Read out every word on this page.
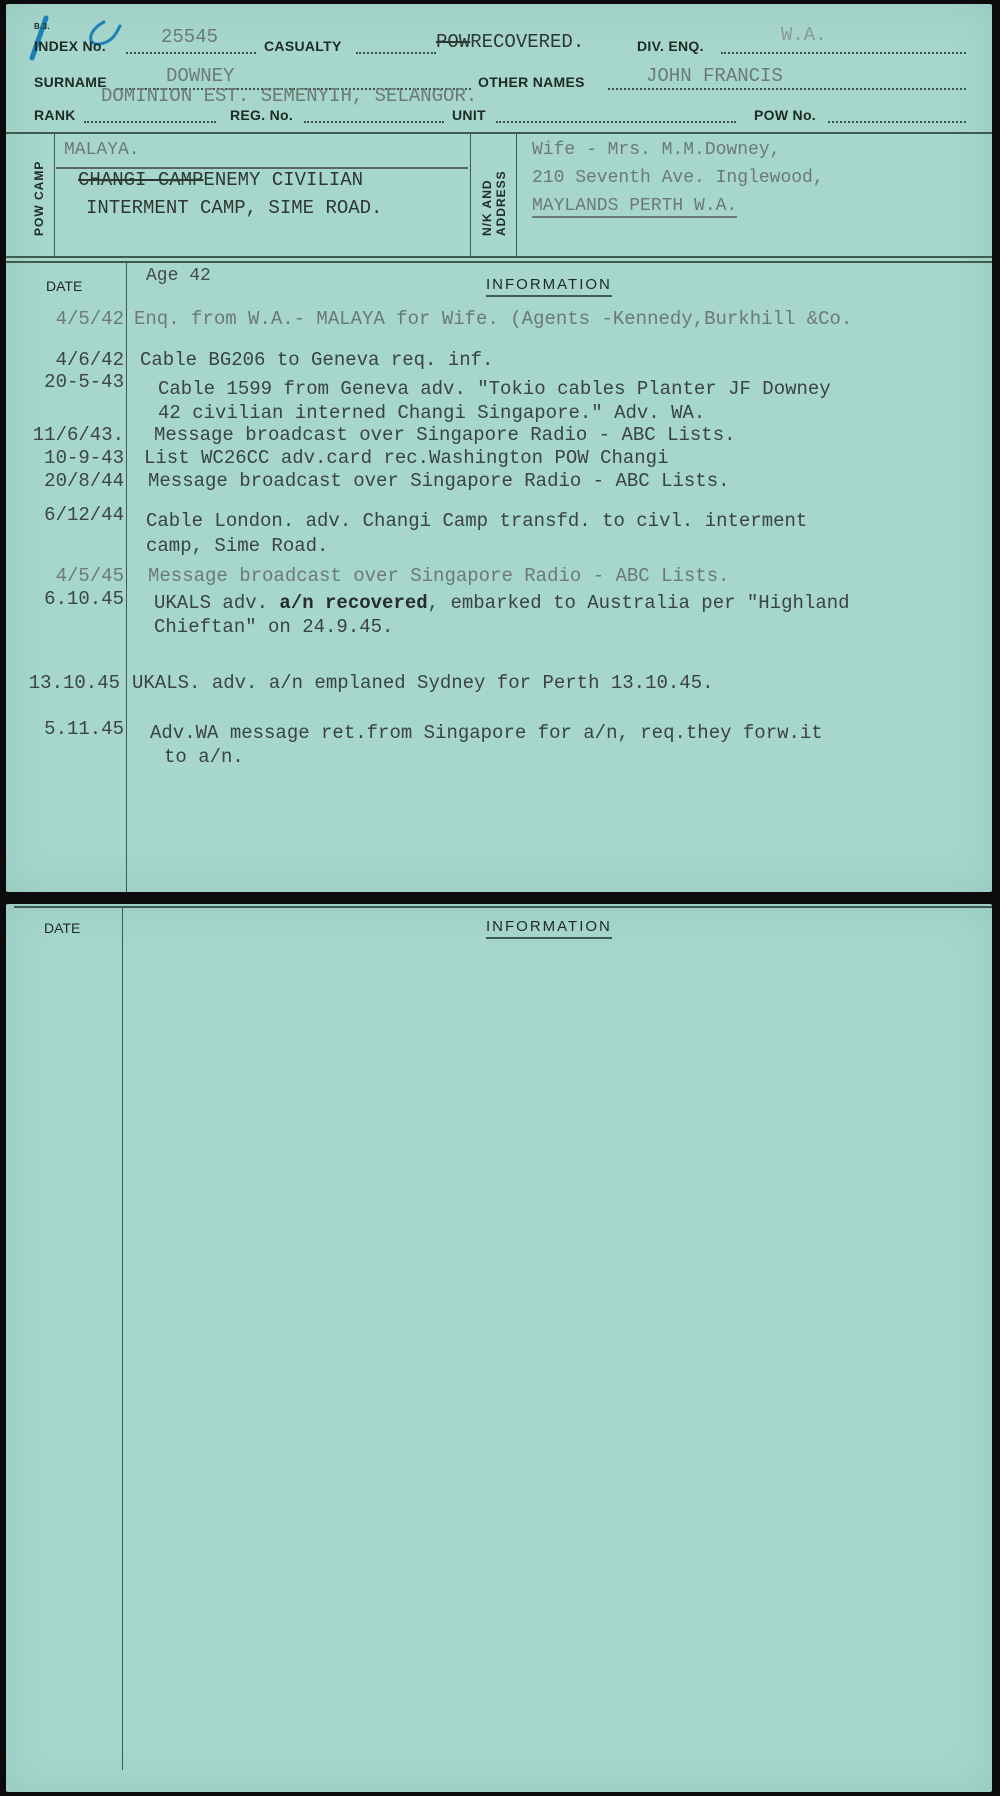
B.3.
INDEX No.	25545	CASUALTY	POWRECOVERED.	DIV. ENQ.	W.A.
SURNAME	DOWNEY	OTHER NAMES	JOHN FRANCIS
DOMINION EST. SEMENYIH, SELANGOR.
RANK	REG. No.	UNIT	POW No.
POW CAMP
MALAYA.
CHANGI CAMPENEMY CIVILIAN
INTERMENT CAMP, SIME ROAD.	N/K AND ADDRESS
Wife - Mrs. M.M.Downey,
210 Seventh Ave. Inglewood,
MAYLANDS PERTH W.A.
DATE	Age 42	INFORMATION
4/5/42 Enq. from W.A.- MALAYA for Wife. (Agents -Kennedy,Burkhill &Co.
4/6/42 Cable BG206 to Geneva req. inf.
20-5-43 Cable 1599 from Geneva adv. "Tokio cables Planter JF Downey
42 civilian interned Changi Singapore." Adv. WA.
11/6/43. Message broadcast over Singapore Radio - ABC Lists.
10-9-43 List WC26CC adv.card rec.Washington POW Changi
20/8/44 Message broadcast over Singapore Radio - ABC Lists.
6/12/44 Cable London. adv. Changi Camp transfd. to civl. interment
camp, Sime Road.
4/5/45 Message broadcast over Singapore Radio - ABC Lists.
6.10.45 UKALS adv. a/n recovered, embarked to Australia per "Highland
Chieftan" on 24.9.45.
13.10.45 UKALS. adv. a/n emplaned Sydney for Perth 13.10.45.
5.11.45 Adv.WA message ret.from Singapore for a/n, req.they forw.it
to a/n.
DATE	INFORMATION
